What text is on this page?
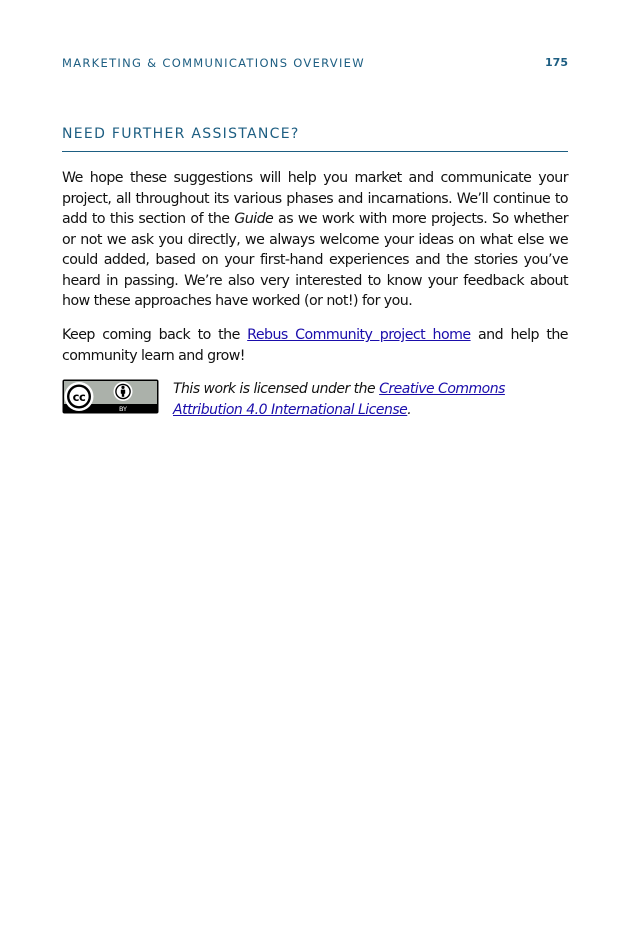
MARKETING & COMMUNICATIONS OVERVIEW	175
NEED FURTHER ASSISTANCE?

We hope these suggestions will help you market and communicate your project, all throughout its various phases and incarnations. We’ll continue to add to this section of the Guide as we work with more projects. So whether or not we ask you directly, we always welcome your ideas on what else we could added, based on your first-hand experiences and the stories you’ve heard in passing. We’re also very interested to know your feedback about how these approaches have worked (or not!) for you.

Keep coming back to the Rebus Community project home and help the community learn and grow!

cc
BY

This work is licensed under the Creative Commons Attribution 4.0 International License.
